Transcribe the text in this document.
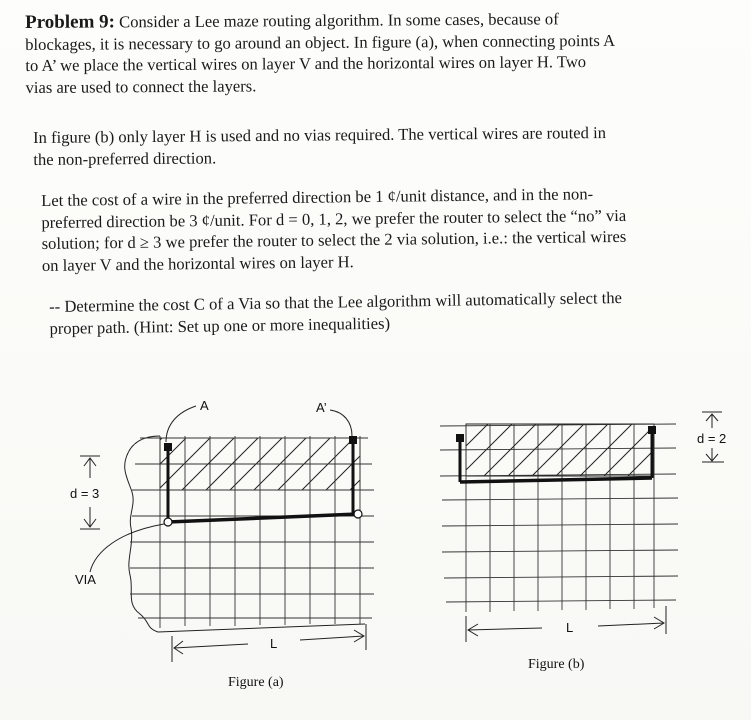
Problem 9: Consider a Lee maze routing algorithm. In some cases, because of
blockages, it is necessary to go around an object. In figure (a), when connecting points A
to A’ we place the vertical wires on layer V and the horizontal wires on layer H. Two
vias are used to connect the layers.
In figure (b) only layer H is used and no vias required. The vertical wires are routed in
the non-preferred direction.
Let the cost of a wire in the preferred direction be 1 ¢/unit distance, and in the non-
preferred direction be 3 ¢/unit. For d = 0, 1, 2, we prefer the router to select the “no” via
solution; for d ≥ 3 we prefer the router to select the 2 via solution, i.e.: the vertical wires
on layer V and the horizontal wires on layer H.
-- Determine the cost C of a Via so that the Lee algorithm will automatically select the
proper path. (Hint: Set up one or more inequalities)
A	A’
d = 3
VIA
L
Figure (a)
d = 2
L
Figure (b)
